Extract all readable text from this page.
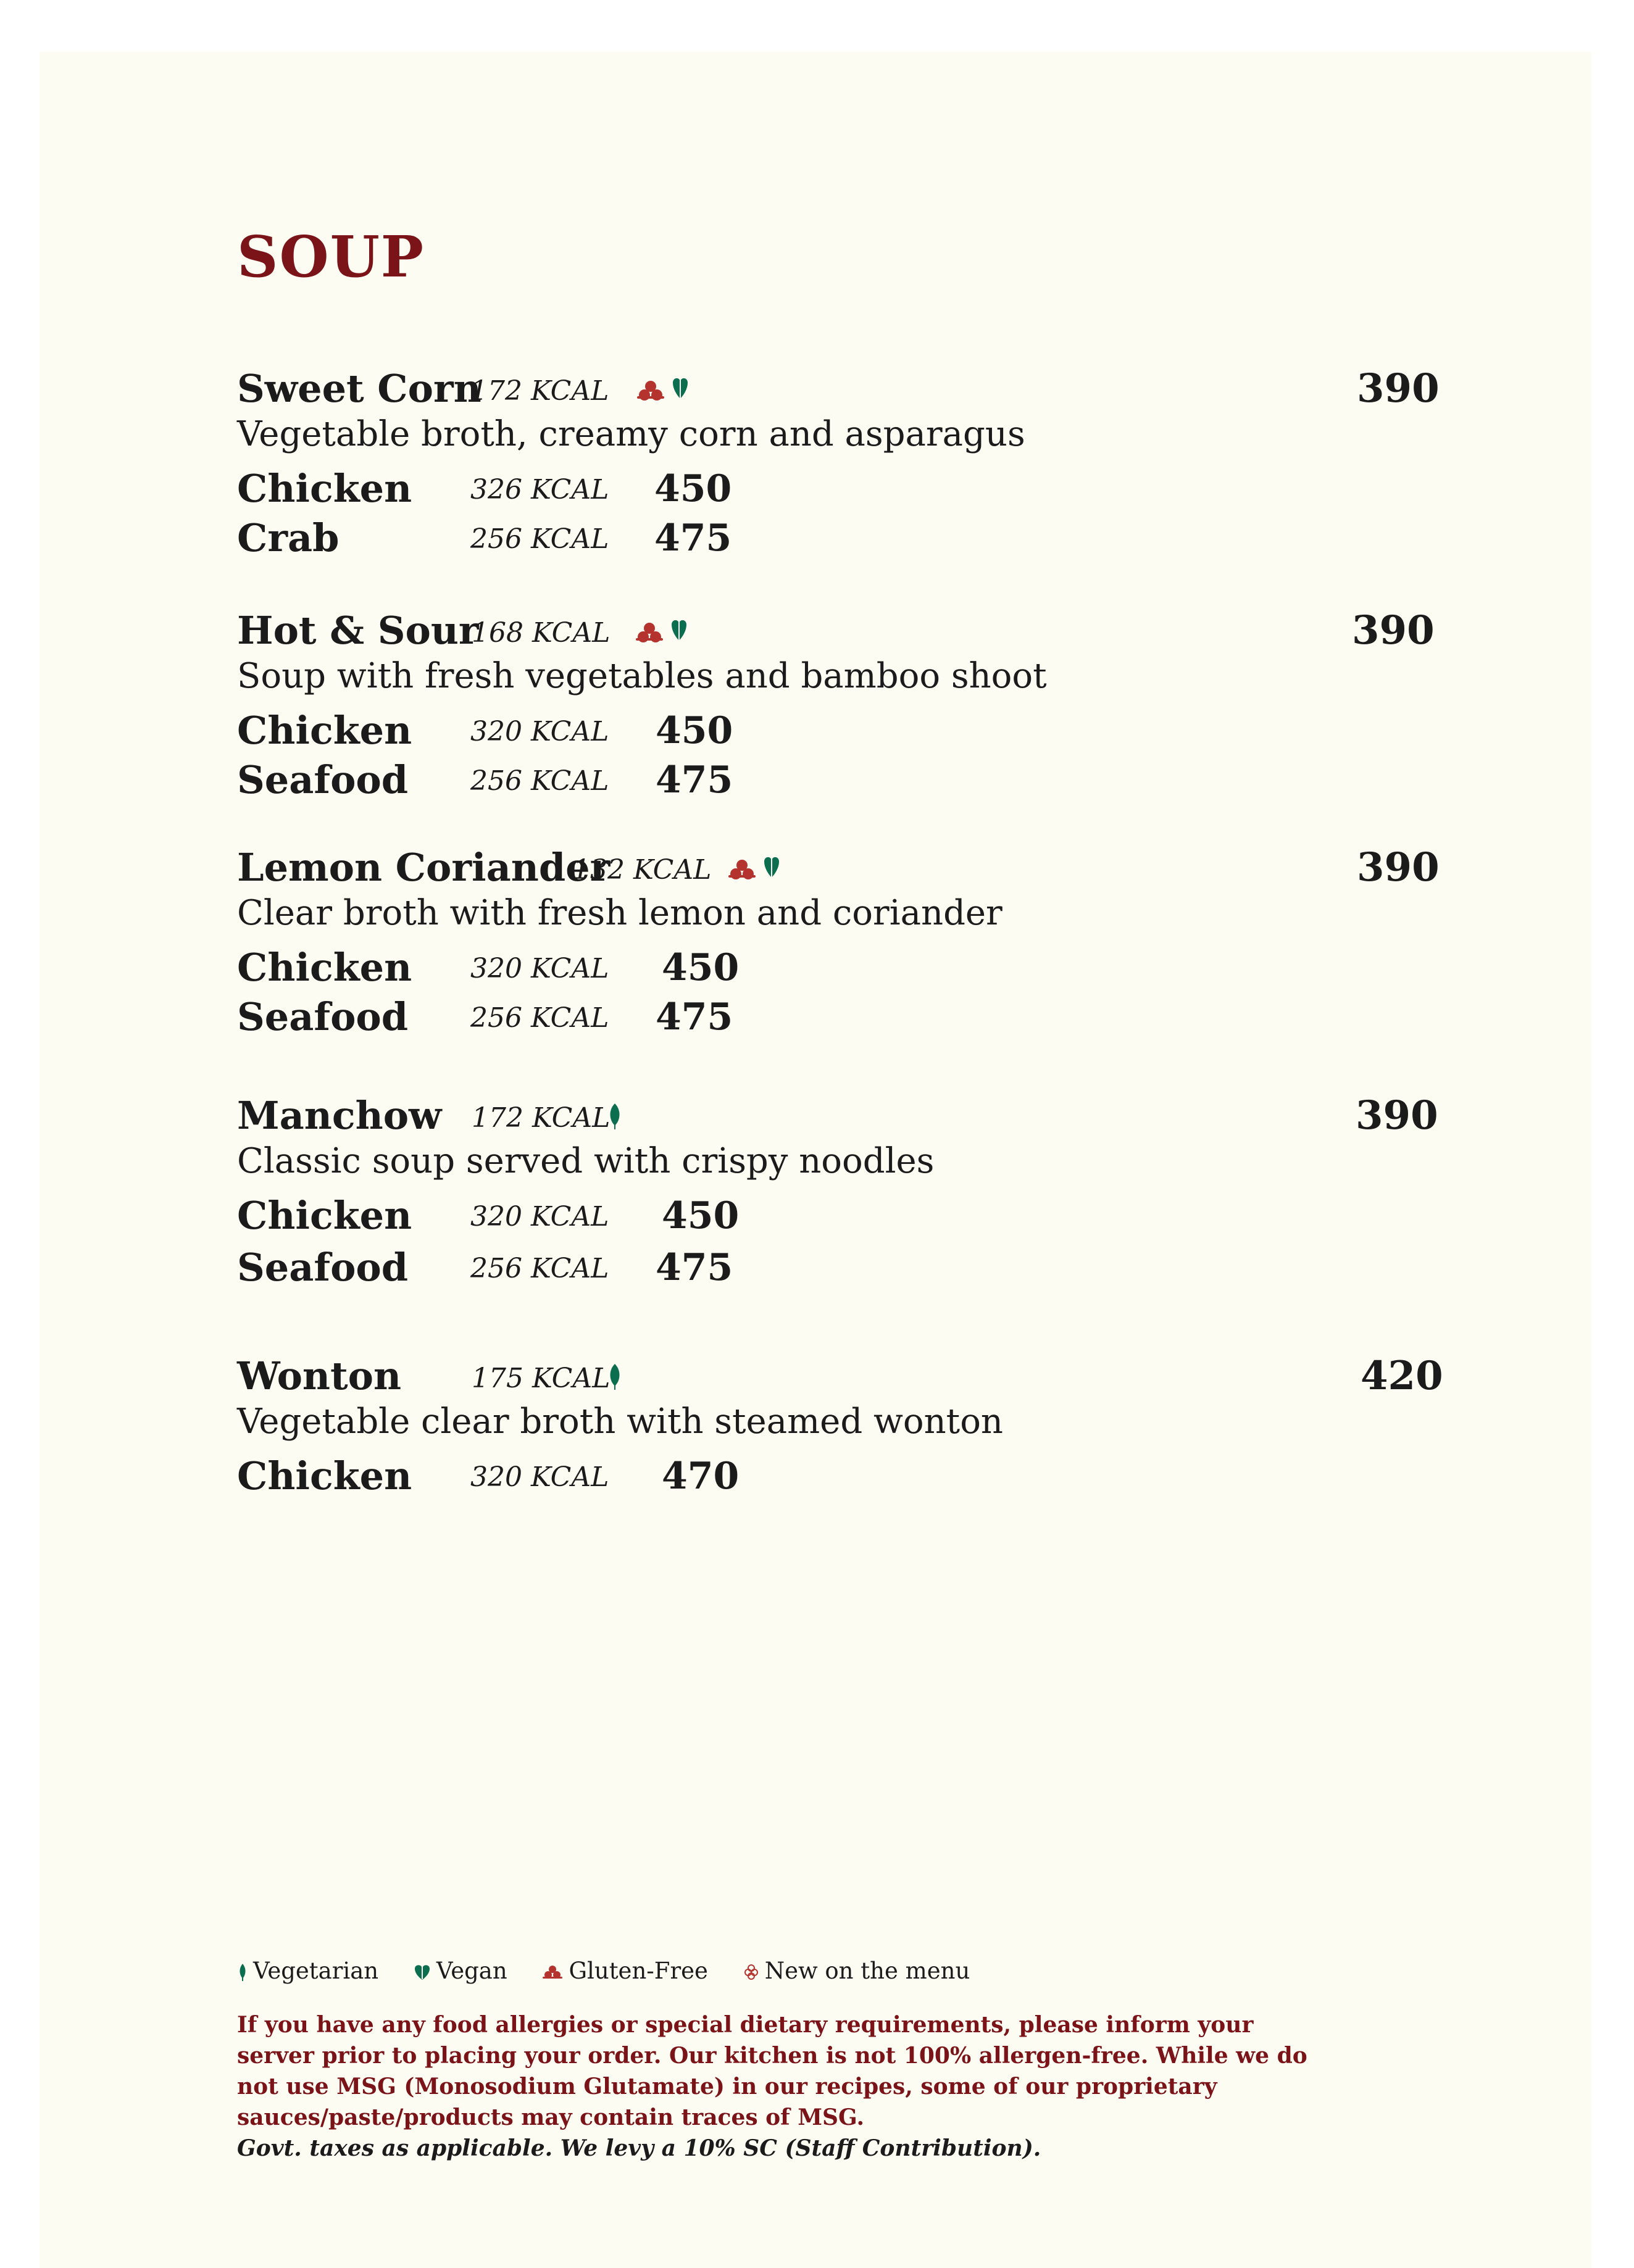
SOUP
Sweet Corn
172 KCAL	390
Vegetable broth, creamy corn and asparagus
Chicken 326 KCAL 450
Crab	256 KCAL 475
Hot & Sour
168 KCAL	390
Soup with fresh vegetables and bamboo shoot
Chicken 320 KCAL 450
Seafood 256 KCAL 475
Lemon Coriander
132 KCAL	390
Clear broth with fresh lemon and coriander
Chicken 320 KCAL 450
Seafood 256 KCAL 475
Manchow 172 KCAL	390
Classic soup served with crispy noodles
Chicken 320 KCAL 450
Seafood 256 KCAL 475
Wonton	175 KCAL	420
Vegetable clear broth with steamed wonton
Chicken 320 KCAL 470
Vegetarian	Vegan	Gluten-Free New on the menu
If you have any food allergies or special dietary requirements, please inform your server prior to placing your order. Our kitchen is not 100% allergen-free. While we do not use MSG (Monosodium Glutamate) in our recipes, some of our proprietary sauces/paste/products may contain traces of MSG.
Govt. taxes as applicable. We levy a 10% SC (Staff Contribution).
